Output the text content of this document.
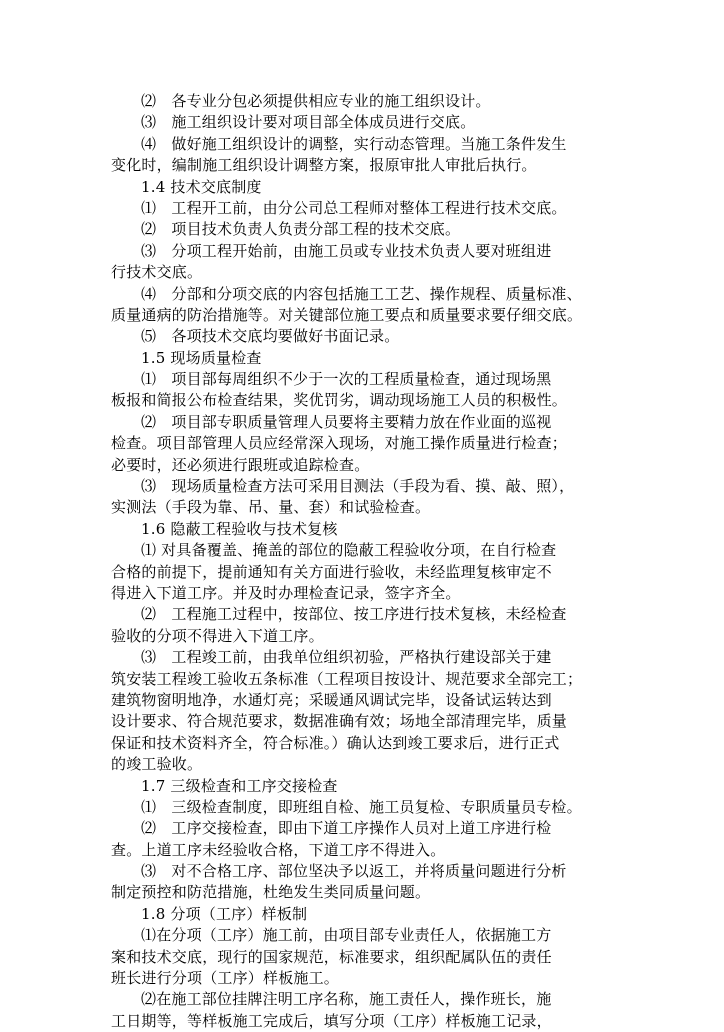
⑵　各专业分包必须提供相应专业的施工组织设计。
⑶　施工组织设计要对项目部全体成员进行交底。
⑷　做好施工组织设计的调整，实行动态管理。当施工条件发生
变化时，编制施工组织设计调整方案，报原审批人审批后执行。
1.4 技术交底制度
⑴　工程开工前，由分公司总工程师对整体工程进行技术交底。
⑵　项目技术负责人负责分部工程的技术交底。
⑶　分项工程开始前，由施工员或专业技术负责人要对班组进
行技术交底。
⑷　分部和分项交底的内容包括施工工艺、操作规程、质量标准、
质量通病的防治措施等。对关键部位施工要点和质量要求要仔细交底。
⑸　各项技术交底均要做好书面记录。
1.5 现场质量检查
⑴　项目部每周组织不少于一次的工程质量检查，通过现场黑
板报和简报公布检查结果，奖优罚劣，调动现场施工人员的积极性。
⑵　项目部专职质量管理人员要将主要精力放在作业面的巡视
检查。项目部管理人员应经常深入现场，对施工操作质量进行检查；
必要时，还必须进行跟班或追踪检查。
⑶　现场质量检查方法可采用目测法（手段为看、摸、敲、照），
实测法（手段为靠、吊、量、套）和试验检查。
1.6 隐蔽工程验收与技术复核
⑴ 对具备覆盖、掩盖的部位的隐蔽工程验收分项，在自行检查
合格的前提下，提前通知有关方面进行验收，未经监理复核审定不
得进入下道工序。并及时办理检查记录，签字齐全。
⑵　工程施工过程中，按部位、按工序进行技术复核，未经检查
验收的分项不得进入下道工序。
⑶　工程竣工前，由我单位组织初验，严格执行建设部关于建
筑安装工程竣工验收五条标准（工程项目按设计、规范要求全部完工；
建筑物窗明地净，水通灯亮；采暖通风调试完毕，设备试运转达到
设计要求、符合规范要求，数据准确有效；场地全部清理完毕，质量
保证和技术资料齐全，符合标准。）确认达到竣工要求后，进行正式
的竣工验收。
1.7 三级检查和工序交接检查
⑴　三级检查制度，即班组自检、施工员复检、专职质量员专检。
⑵　工序交接检查，即由下道工序操作人员对上道工序进行检
查。上道工序未经验收合格，下道工序不得进入。
⑶　对不合格工序、部位坚决予以返工，并将质量问题进行分析
制定预控和防范措施，杜绝发生类同质量问题。
1.8 分项（工序）样板制
⑴在分项（工序）施工前，由项目部专业责任人，依据施工方
案和技术交底，现行的国家规范，标准要求，组织配属队伍的责任
班长进行分项（工序）样板施工。
⑵在施工部位挂牌注明工序名称，施工责任人，操作班长，施
工日期等，等样板施工完成后，填写分项（工序）样板施工记录，
